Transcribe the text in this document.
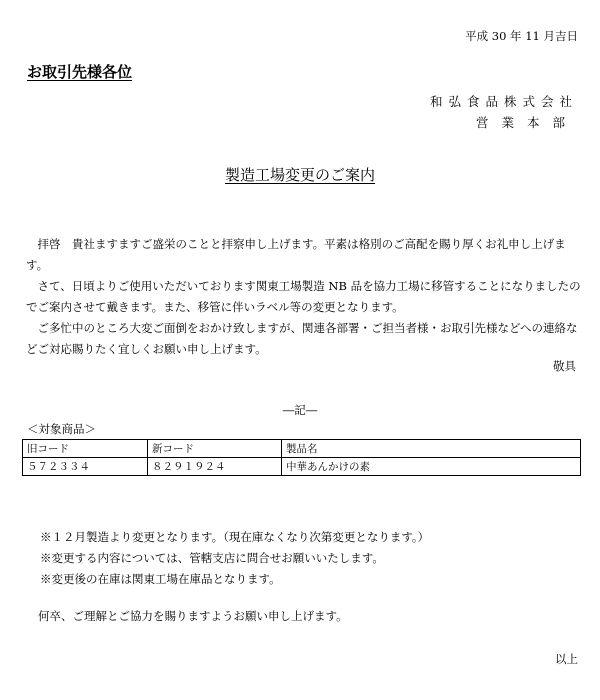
平成 30 年 11 月吉日
お取引先様各位
和弘食品株式会社
営業本部
製造工場変更のご案内

拝啓　貴社ますますご盛栄のことと拝察申し上げます。平素は格別のご高配を賜り厚くお礼申し上げます。

さて、日頃よりご使用いただいております関東工場製造 NB 品を協力工場に移管することになりましたのでご案内させて戴きます。また、移管に伴いラベル等の変更となります。

ご多忙中のところ大変ご面倒をおかけ致しますが、関連各部署・ご担当者様・お取引先様などへの連絡などご対応賜りたく宜しくお願い申し上げます。

敬具
―記―
＜対象商品＞
旧コード	新コード	製品名
５７２３３４	８２９１９２４	中華あんかけの素
※１２月製造より変更となります。（現在庫なくなり次第変更となります。）
※変更する内容については、管轄支店に問合せお願いいたします。
※変更後の在庫は関東工場在庫品となります。
何卒、ご理解とご協力を賜りますようお願い申し上げます。
以上
